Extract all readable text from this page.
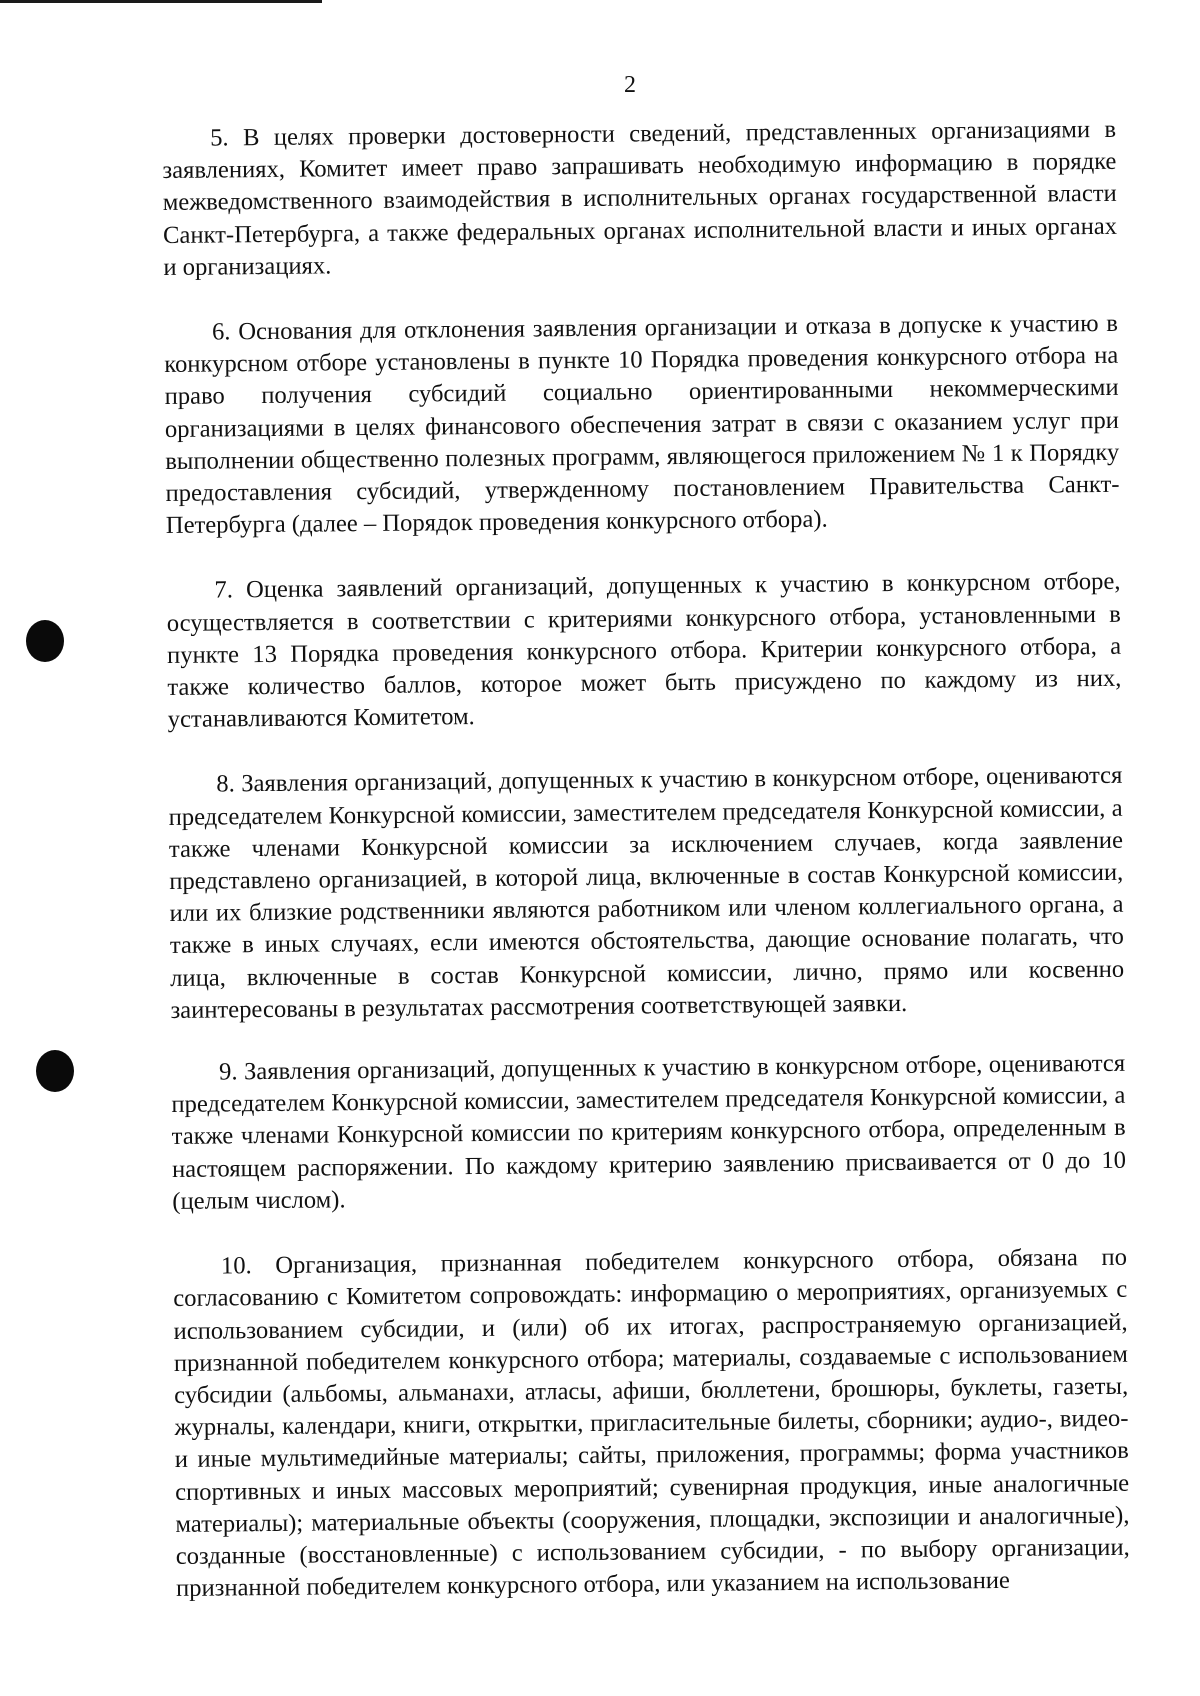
2

5. В целях проверки достоверности сведений, представленных организациями в заявлениях, Комитет имеет право запрашивать необходимую информацию в порядке межведомственного взаимодействия в исполнительных органах государственной власти Санкт-Петербурга, а также федеральных органах исполнительной власти и иных органах и организациях.

6. Основания для отклонения заявления организации и отказа в допуске к участию в конкурсном отборе установлены в пункте 10 Порядка проведения конкурсного отбора на право получения субсидий социально ориентированными некоммерческими организациями в целях финансового обеспечения затрат в связи с оказанием услуг при выполнении общественно полезных программ, являющегося приложением № 1 к Порядку предоставления субсидий, утвержденному постановлением Правительства Санкт-Петербурга (далее – Порядок проведения конкурсного отбора).

7. Оценка заявлений организаций, допущенных к участию в конкурсном отборе, осуществляется в соответствии с критериями конкурсного отбора, установленными в пункте 13 Порядка проведения конкурсного отбора. Критерии конкурсного отбора, а также количество баллов, которое может быть присуждено по каждому из них, устанавливаются Комитетом.

8. Заявления организаций, допущенных к участию в конкурсном отборе, оцениваются председателем Конкурсной комиссии, заместителем председателя Конкурсной комиссии, а также членами Конкурсной комиссии за исключением случаев, когда заявление представлено организацией, в которой лица, включенные в состав Конкурсной комиссии, или их близкие родственники являются работником или членом коллегиального органа, а также в иных случаях, если имеются обстоятельства, дающие основание полагать, что лица, включенные в состав Конкурсной комиссии, лично, прямо или косвенно заинтересованы в результатах рассмотрения соответствующей заявки.

9. Заявления организаций, допущенных к участию в конкурсном отборе, оцениваются председателем Конкурсной комиссии, заместителем председателя Конкурсной комиссии, а также членами Конкурсной комиссии по критериям конкурсного отбора, определенным в настоящем распоряжении. По каждому критерию заявлению присваивается от 0 до 10 (целым числом).

10. Организация, признанная победителем конкурсного отбора, обязана по согласованию с Комитетом сопровождать: информацию о мероприятиях, организуемых с использованием субсидии, и (или) об их итогах, распространяемую организацией, признанной победителем конкурсного отбора; материалы, создаваемые с использованием субсидии (альбомы, альманахи, атласы, афиши, бюллетени, брошюры, буклеты, газеты, журналы, календари, книги, открытки, пригласительные билеты, сборники; аудио-, видео- и иные мультимедийные материалы; сайты, приложения, программы; форма участников спортивных и иных массовых мероприятий; сувенирная продукция, иные аналогичные материалы); материальные объекты (сооружения, площадки, экспозиции и аналогичные), созданные (восстановленные) с использованием субсидии, - по выбору организации, признанной победителем конкурсного отбора, или указанием на использование
